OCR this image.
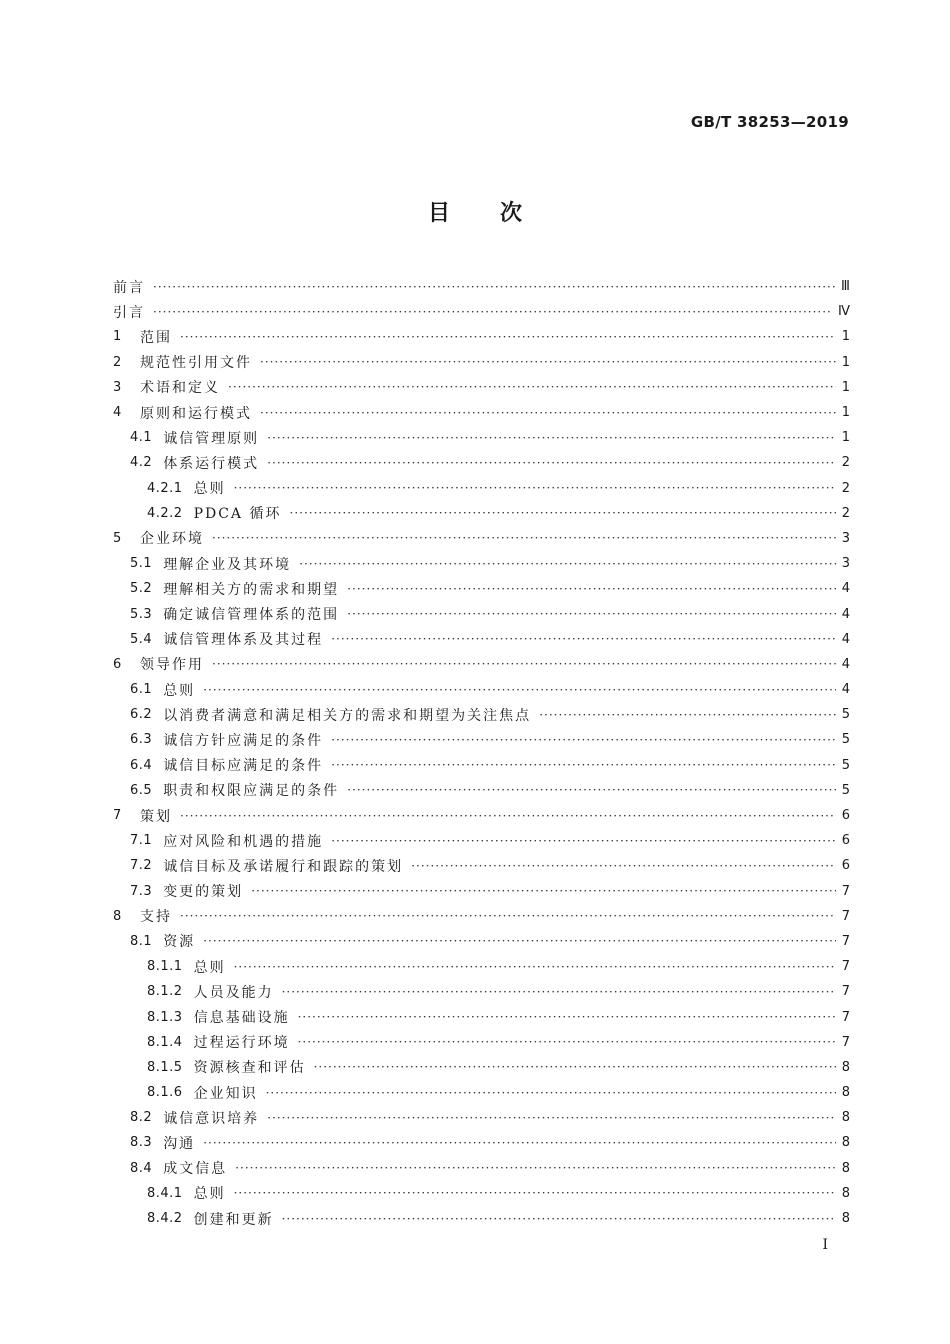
GB/T 38253—2019
目 次
前言 ·····	Ⅲ
引言 ·····	Ⅳ
1	范围 ·····	1
2	规范性引用文件 ·····	1
3	术语和定义 ·····	1
4	原则和运行模式 ·····	1
4.1 诚信管理原则 ·····	1
4.2 体系运行模式 ·····	2
4.2.1 总则 ·····	2
4.2.2 PDCA 循环 ·····	2
5	企业环境 ·····	3
5.1 理解企业及其环境 ·····	3
5.2 理解相关方的需求和期望 ·····	4
5.3 确定诚信管理体系的范围 ·····	4
5.4 诚信管理体系及其过程 ·····	4
6	领导作用 ·····	4
6.1 总则 ·····	4
6.2 以消费者满意和满足相关方的需求和期望为关注焦点 ·····	5
6.3 诚信方针应满足的条件 ·····	5
6.4 诚信目标应满足的条件 ·····	5
6.5 职责和权限应满足的条件 ·····	5
7	策划 ·····	6
7.1 应对风险和机遇的措施 ·····	6
7.2 诚信目标及承诺履行和跟踪的策划 ·····	6
7.3 变更的策划 ·····	7
8	支持 ·····	7
8.1 资源 ·····	7
8.1.1 总则 ·····	7
8.1.2 人员及能力 ·····	7
8.1.3 信息基础设施 ·····	7
8.1.4 过程运行环境 ·····	7
8.1.5 资源核查和评估 ·····	8
8.1.6 企业知识 ·····	8
8.2 诚信意识培养 ·····	8
8.3 沟通 ·····	8
8.4 成文信息 ·····	8
8.4.1 总则 ·····	8
8.4.2 创建和更新 ·····	8
I
